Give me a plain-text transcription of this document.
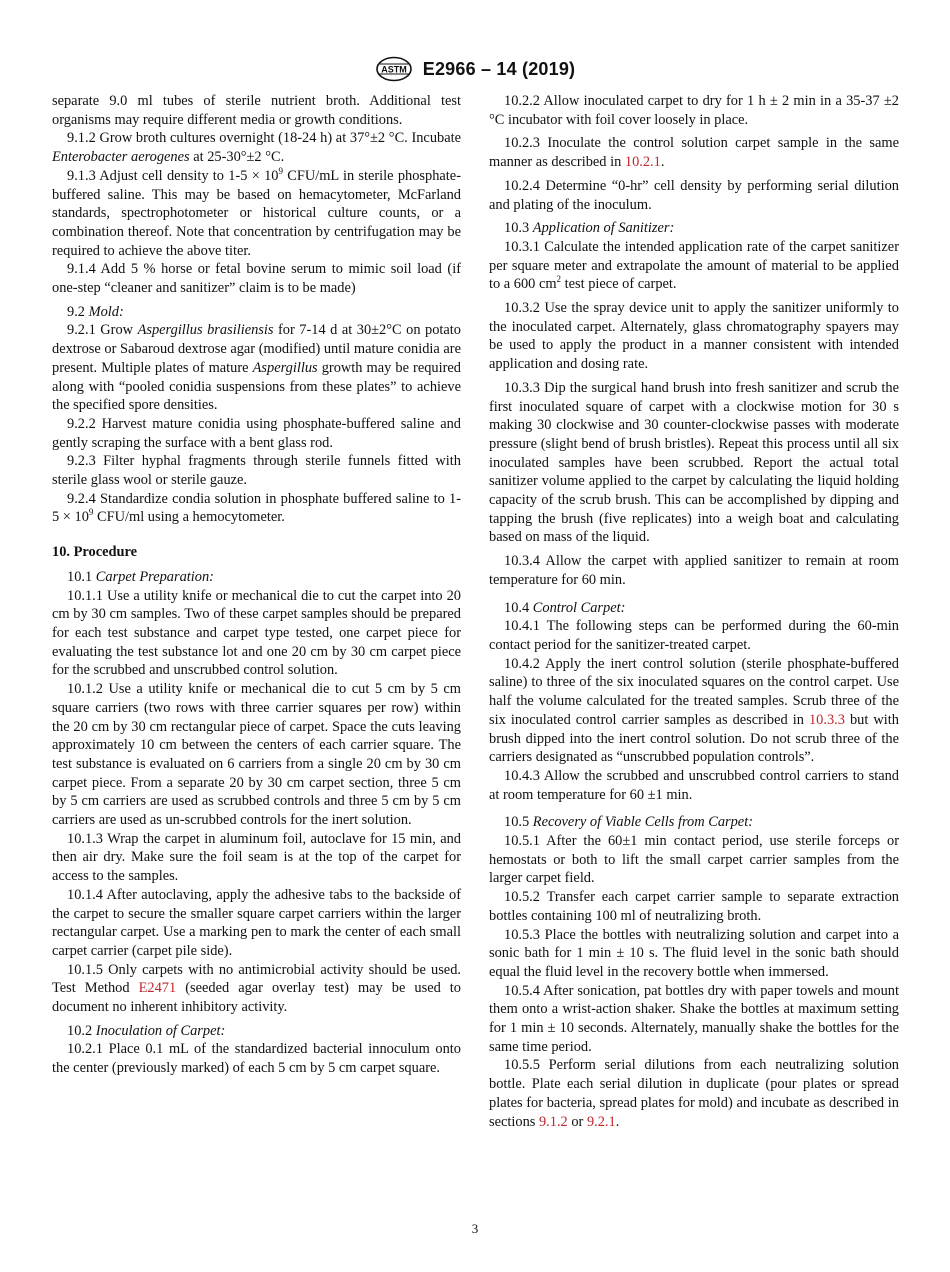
ASTM E2966 – 14 (2019)

separate 9.0 ml tubes of sterile nutrient broth. Additional test organisms may require different media or growth conditions.

9.1.2 Grow broth cultures overnight (18-24 h) at 37°±2 °C. Incubate Enterobacter aerogenes at 25-30°±2 °C.

9.1.3 Adjust cell density to $1-5 \times 10^9$ CFU/mL in sterile phosphate-buffered saline. This may be based on hemacytometer, McFarland standards, spectrophotometer or historical culture counts, or a combination thereof. Note that concentration by centrifugation may be required to achieve the above titer.

9.1.4 Add 5 % horse or fetal bovine serum to mimic soil load (if one-step “cleaner and sanitizer” claim is to be made)

9.2 Mold:

9.2.1 Grow Aspergillus brasiliensis for 7-14 d at 30±2°C on potato dextrose or Sabaroud dextrose agar (modified) until mature conidia are present. Multiple plates of mature Aspergillus growth may be required along with “pooled conidia suspensions from these plates” to achieve the specified spore densities.

9.2.2 Harvest mature conidia using phosphate-buffered saline and gently scraping the surface with a bent glass rod.

9.2.3 Filter hyphal fragments through sterile funnels fitted with sterile glass wool or sterile gauze.

9.2.4 Standardize condia solution in phosphate buffered saline to $1-5 \times 10^9$ CFU/ml using a hemocytometer.

10. Procedure

10.1 Carpet Preparation:

10.1.1 Use a utility knife or mechanical die to cut the carpet into 20 cm by 30 cm samples. Two of these carpet samples should be prepared for each test substance and carpet type tested, one carpet piece for evaluating the test substance lot and one 20 cm by 30 cm carpet piece for the scrubbed and unscrubbed control solution.

10.1.2 Use a utility knife or mechanical die to cut 5 cm by 5 cm square carriers (two rows with three carrier squares per row) within the 20 cm by 30 cm rectangular piece of carpet. Space the cuts leaving approximately 10 cm between the centers of each carrier square. The test substance is evaluated on 6 carriers from a single 20 cm by 30 cm carpet piece. From a separate 20 by 30 cm carpet section, three 5 cm by 5 cm carriers are used as scrubbed controls and three 5 cm by 5 cm carriers are used as un-scrubbed controls for the inert solution.

10.1.3 Wrap the carpet in aluminum foil, autoclave for 15 min, and then air dry. Make sure the foil seam is at the top of the carpet for access to the samples.

10.1.4 After autoclaving, apply the adhesive tabs to the backside of the carpet to secure the smaller square carpet carriers within the larger rectangular carpet. Use a marking pen to mark the center of each small carpet carrier (carpet pile side).

10.1.5 Only carpets with no antimicrobial activity should be used. Test Method E2471 (seeded agar overlay test) may be used to document no inherent inhibitory activity.

10.2 Inoculation of Carpet:

10.2.1 Place 0.1 mL of the standardized bacterial innoculum onto the center (previously marked) of each 5 cm by 5 cm carpet square.

10.2.2 Allow inoculated carpet to dry for 1 h ± 2 min in a 35-37 ±2 °C incubator with foil cover loosely in place.

10.2.3 Inoculate the control solution carpet sample in the same manner as described in 10.2.1.

10.2.4 Determine “0-hr” cell density by performing serial dilution and plating of the inoculum.

10.3 Application of Sanitizer:

10.3.1 Calculate the intended application rate of the carpet sanitizer per square meter and extrapolate the amount of material to be applied to a 600 $cm^2$ test piece of carpet.

10.3.2 Use the spray device unit to apply the sanitizer uniformly to the inoculated carpet. Alternately, glass chromatography spayers may be used to apply the product in a manner consistent with intended application and dosing rate.

10.3.3 Dip the surgical hand brush into fresh sanitizer and scrub the first inoculated square of carpet with a clockwise motion for 30 s making 30 clockwise and 30 counter-clockwise passes with moderate pressure (slight bend of brush bristles). Repeat this process until all six inoculated samples have been scrubbed. Report the actual total sanitizer volume applied to the carpet by calculating the liquid holding capacity of the scrub brush. This can be accomplished by dipping and tapping the brush (five replicates) into a weigh boat and calculating based on mass of the liquid.

10.3.4 Allow the carpet with applied sanitizer to remain at room temperature for 60 min.

10.4 Control Carpet:

10.4.1 The following steps can be performed during the 60-min contact period for the sanitizer-treated carpet.

10.4.2 Apply the inert control solution (sterile phosphate-buffered saline) to three of the six inoculated squares on the control carpet. Use half the volume calculated for the treated samples. Scrub three of the six inoculated control carrier samples as described in 10.3.3 but with brush dipped into the inert control solution. Do not scrub three of the carriers designated as “unscrubbed population controls”.

10.4.3 Allow the scrubbed and unscrubbed control carriers to stand at room temperature for 60 ±1 min.

10.5 Recovery of Viable Cells from Carpet:

10.5.1 After the 60±1 min contact period, use sterile forceps or hemostats or both to lift the small carpet carrier samples from the larger carpet field.

10.5.2 Transfer each carpet carrier sample to separate extraction bottles containing 100 ml of neutralizing broth.

10.5.3 Place the bottles with neutralizing solution and carpet into a sonic bath for 1 min ± 10 s. The fluid level in the sonic bath should equal the fluid level in the recovery bottle when immersed.

10.5.4 After sonication, pat bottles dry with paper towels and mount them onto a wrist-action shaker. Shake the bottles at maximum setting for 1 min ± 10 seconds. Alternately, manually shake the bottles for the same time period.

10.5.5 Perform serial dilutions from each neutralizing solution bottle. Plate each serial dilution in duplicate (pour plates or spread plates for bacteria, spread plates for mold) and incubate as described in sections 9.1.2 or 9.2.1.

3
